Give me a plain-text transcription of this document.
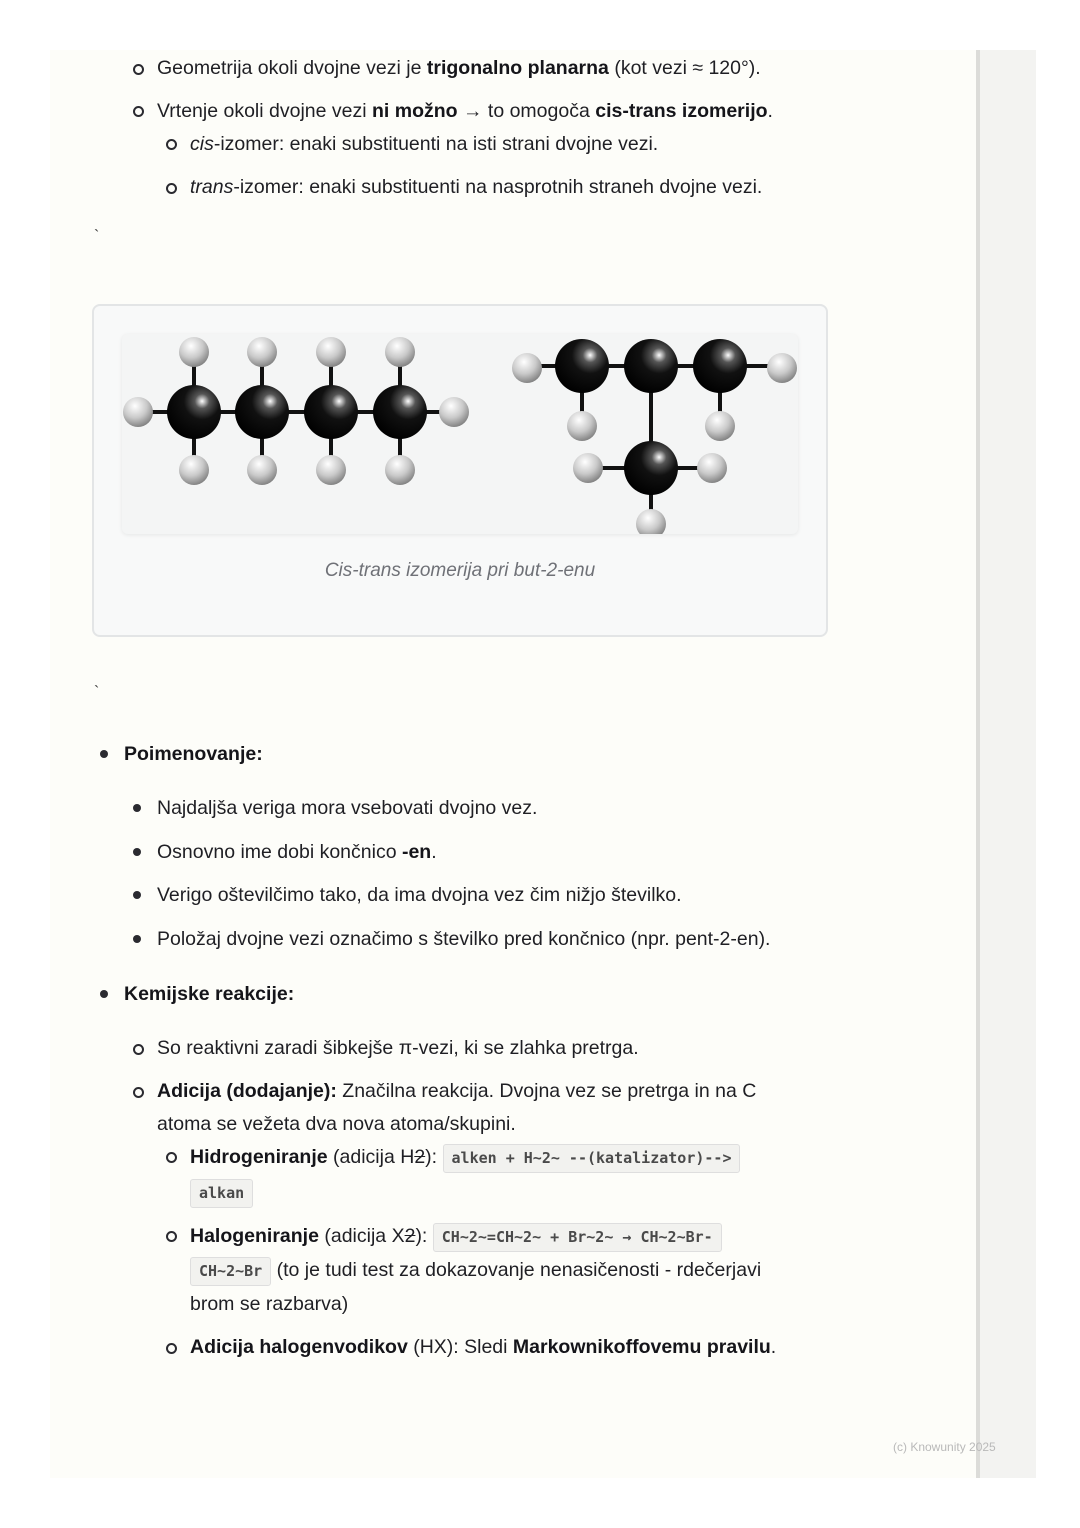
Geometrija okoli dvojne vezi je trigonalno planarna (kot vezi ≈ 120°).
Vrtenje okoli dvojne vezi ni možno → to omogoča cis-trans izomerijo.
cis-izomer: enaki substituenti na isti strani dvojne vezi.
trans-izomer: enaki substituenti na nasprotnih straneh dvojne vezi.
`
Cis-trans izomerija pri but-2-enu
`
Poimenovanje:
Najdaljša veriga mora vsebovati dvojno vez.
Osnovno ime dobi končnico -en.
Verigo oštevilčimo tako, da ima dvojna vez čim nižjo številko.
Položaj dvojne vezi označimo s številko pred končnico (npr. pent-2-en).
Kemijske reakcije:
So reaktivni zaradi šibkejše π-vezi, ki se zlahka pretrga.
Adicija (dodajanje): Značilna reakcija. Dvojna vez se pretrga in na C
atoma se vežeta dva nova atoma/skupini.
Hidrogeniranje (adicija H2): alken + H~2~ --(katalizator)-->
alkan
Halogeniranje (adicija X2): CH~2~=CH~2~ + Br~2~ → CH~2~Br-
CH~2~Br (to je tudi test za dokazovanje nenasičenosti - rdečerjavi
brom se razbarva)
Adicija halogenvodikov (HX): Sledi Markownikoffovemu pravilu.
(c) Knowunity 2025
